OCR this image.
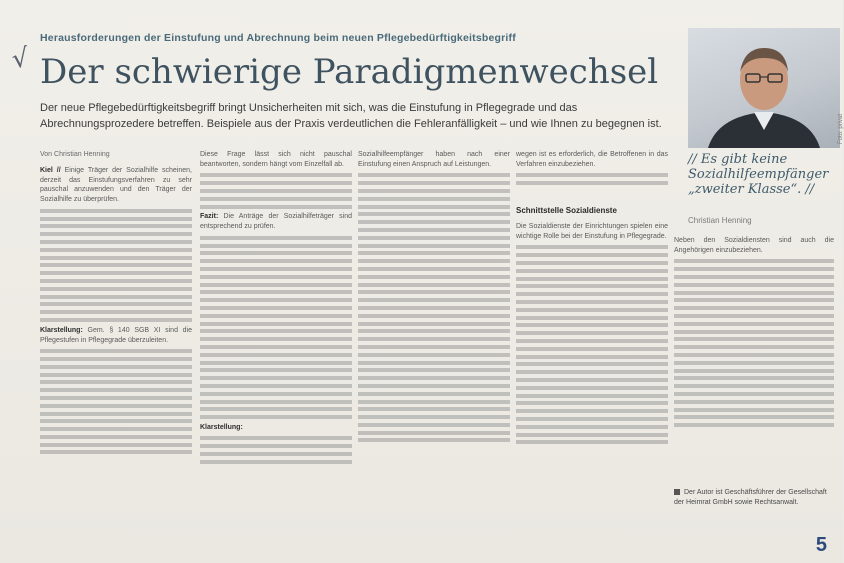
√
Herausforderungen der Einstufung und Abrechnung beim neuen Pflegebedürftigkeitsbegriff
Der schwierige Paradigmenwechsel
Der neue Pflegebedürftigkeitsbegriff bringt Unsicherheiten mit sich, was die Einstufung in Pflegegrade und das Abrechnungsprozedere betreffen. Beispiele aus der Praxis verdeutlichen die Fehleranfälligkeit – und wie Ihnen zu begegnen ist.	Foto: privat
// Es gibt keine Sozialhilfeempfänger „zweiter Klasse“. //
Christian Henning
Von Christian Henning
Kiel // Einige Träger der Sozialhilfe scheinen, derzeit das Einstufungsverfahren zu sehr pauschal anzuwenden und den Träger der Sozialhilfe zu überprüfen.
Klarstellung: Gem. § 140 SGB XI sind die Pflegestufen in Pflegegrade überzuleiten.
Diese Frage lässt sich nicht pauschal beantworten, sondern hängt vom Einzelfall ab.
Fazit: Die Anträge der Sozialhilfeträger sind entsprechend zu prüfen.
Klarstellung:
Sozialhilfeempfänger haben nach einer Einstufung einen Anspruch auf Leistungen.
wegen ist es erforderlich, die Betroffenen in das Verfahren einzubeziehen.
Schnittstelle Sozialdienste
Die Sozialdienste der Einrichtungen spielen eine wichtige Rolle bei der Einstufung in Pflegegrade.
Neben den Sozialdiensten sind auch die Angehörigen einzubeziehen.
Der Autor ist Geschäftsführer der Gesellschaft der Heimrat GmbH sowie Rechtsanwalt.
5
